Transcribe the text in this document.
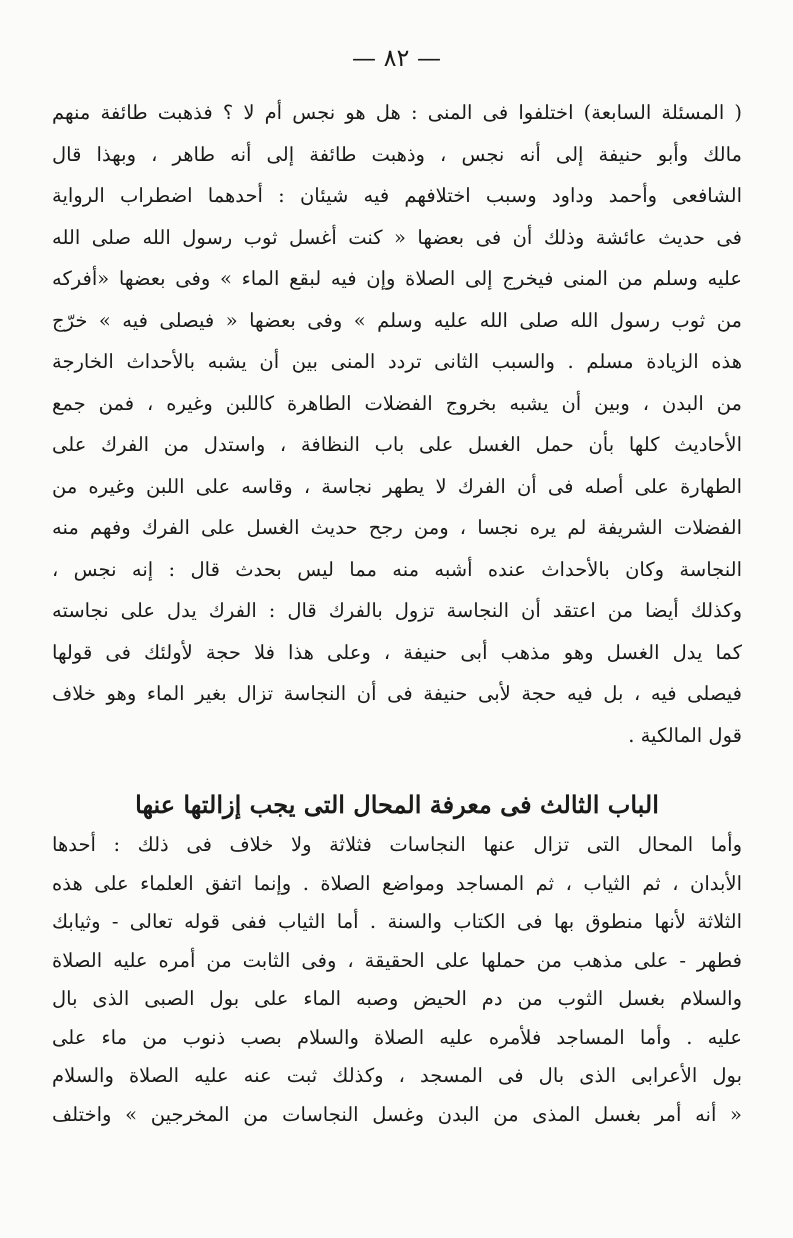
— ٨٢ —
( المسئلة السابعة) اختلفوا فى المنى : هل هو نجس أم لا ؟ فذهبت طائفة منهم
مالك وأبو حنيفة إلى أنه نجس ، وذهبت طائفة إلى أنه طاهر ، وبهذا قال
الشافعى وأحمد وداود وسبب اختلافهم فيه شيئان : أحدهما اضطراب الرواية
فى حديث عائشة وذلك أن فى بعضها « كنت أغسل ثوب رسول الله صلى الله
عليه وسلم من المنى فيخرج إلى الصلاة وإن فيه لبقع الماء » وفى بعضها «أفركه
من ثوب رسول الله صلى الله عليه وسلم » وفى بعضها « فيصلى فيه » خرّج
هذه الزيادة مسلم . والسبب الثانى تردد المنى بين أن يشبه بالأحداث الخارجة
من البدن ، وبين أن يشبه بخروج الفضلات الطاهرة كاللبن وغيره ، فمن جمع
الأحاديث كلها بأن حمل الغسل على باب النظافة ، واستدل من الفرك على
الطهارة على أصله فى أن الفرك لا يطهر نجاسة ، وقاسه على اللبن وغيره من
الفضلات الشريفة لم يره نجسا ، ومن رجح حديث الغسل على الفرك وفهم منه
النجاسة وكان بالأحداث عنده أشبه منه مما ليس بحدث قال : إنه نجس ،
وكذلك أيضا من اعتقد أن النجاسة تزول بالفرك قال : الفرك يدل على نجاسته
كما يدل الغسل وهو مذهب أبى حنيفة ، وعلى هذا فلا حجة لأولئك فى قولها
فيصلى فيه ، بل فيه حجة لأبى حنيفة فى أن النجاسة تزال بغير الماء وهو خلاف
قول المالكية .
الباب الثالث فى معرفة المحال التى يجب إزالتها عنها
وأما المحال التى تزال عنها النجاسات فثلاثة ولا خلاف فى ذلك : أحدها
الأبدان ، ثم الثياب ، ثم المساجد ومواضع الصلاة . وإنما اتفق العلماء على هذه
الثلاثة لأنها منطوق بها فى الكتاب والسنة . أما الثياب ففى قوله تعالى - وثيابك
فطهر - على مذهب من حملها على الحقيقة ، وفى الثابت من أمره عليه الصلاة
والسلام بغسل الثوب من دم الحيض وصبه الماء على بول الصبى الذى بال
عليه . وأما المساجد فلأمره عليه الصلاة والسلام بصب ذنوب من ماء على
بول الأعرابى الذى بال فى المسجد ، وكذلك ثبت عنه عليه الصلاة والسلام
« أنه أمر بغسل المذى من البدن وغسل النجاسات من المخرجين » واختلف
